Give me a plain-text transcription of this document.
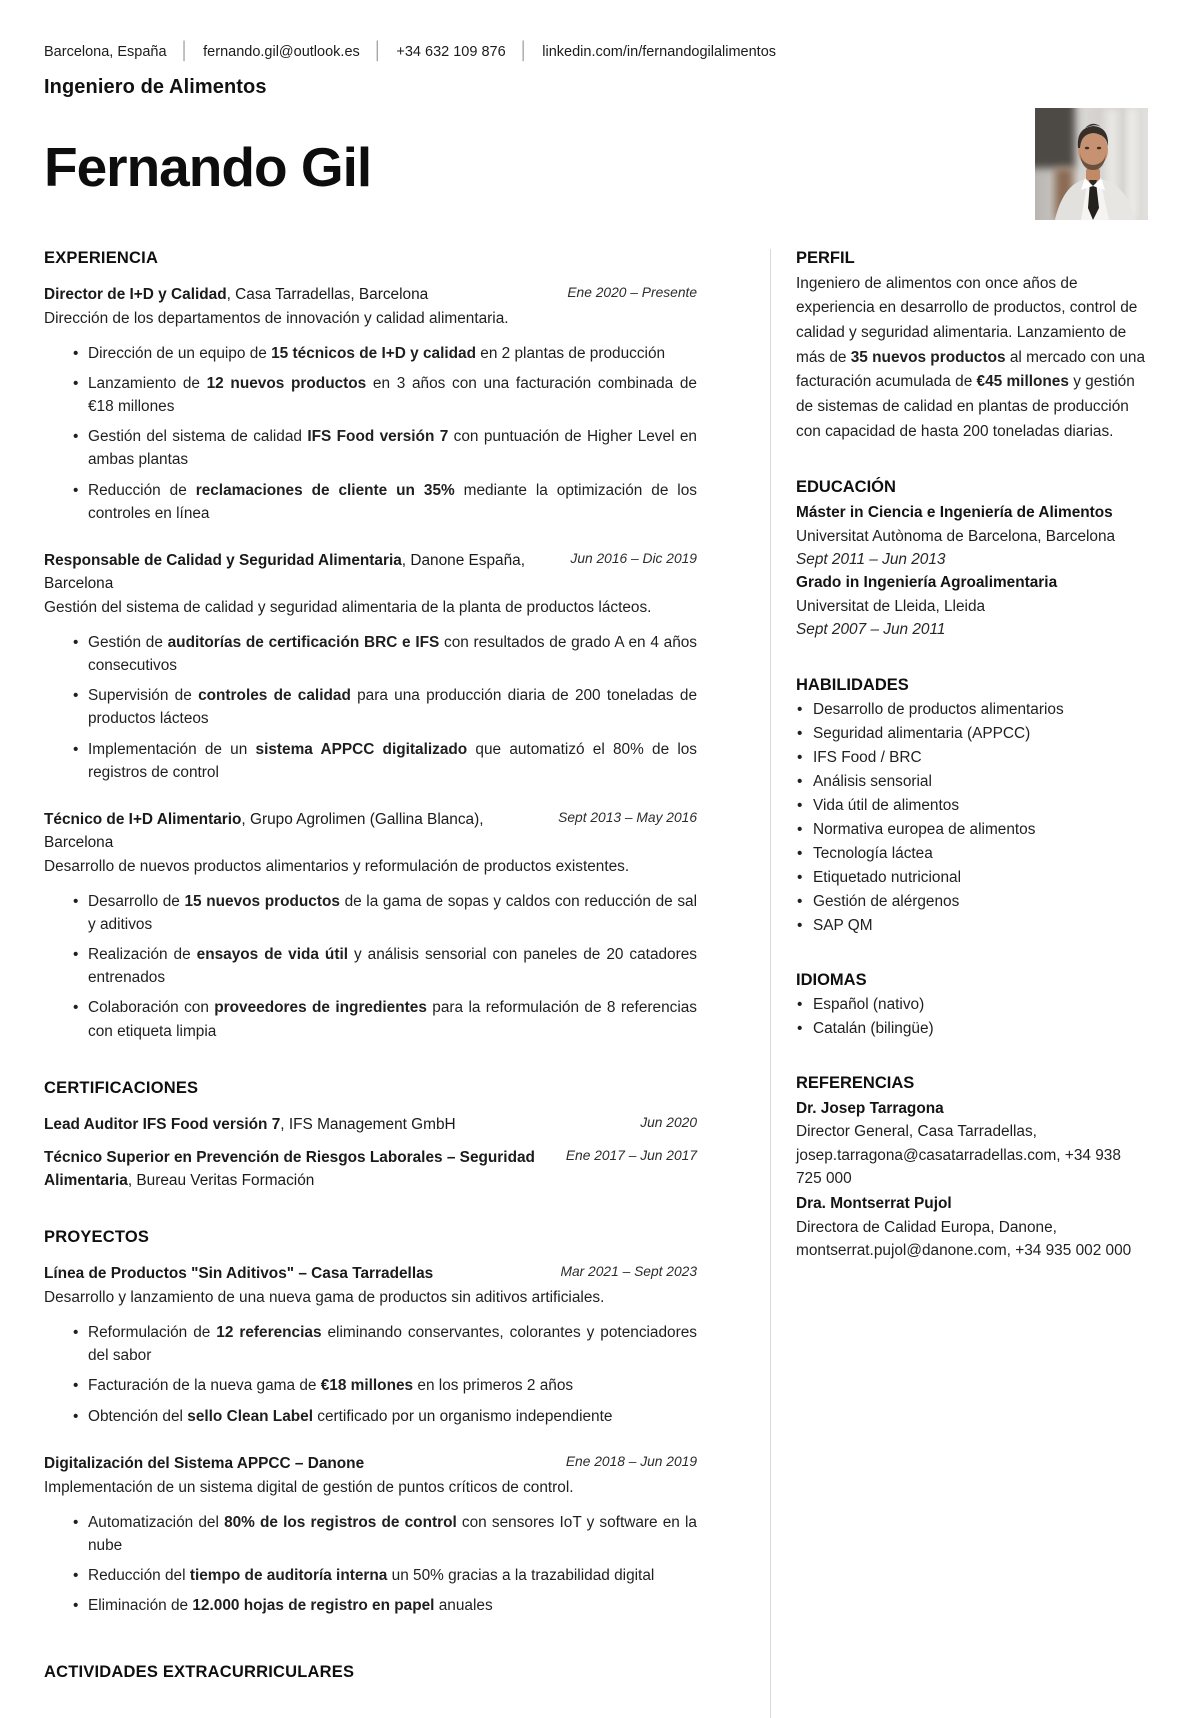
Barcelona, España │ fernando.gil@outlook.es │ +34 632 109 876 │ linkedin.com/in/fernandogilalimentos
Ingeniero de Alimentos
Fernando Gil
EXPERIENCIA
Director de I+D y Calidad, Casa Tarradellas, Barcelona	Ene 2020 – Presente
Dirección de los departamentos de innovación y calidad alimentaria.
• Dirección de un equipo de 15 técnicos de I+D y calidad en 2 plantas de producción
• Lanzamiento de 12 nuevos productos en 3 años con una facturación combinada de €18 millones
• Gestión del sistema de calidad IFS Food versión 7 con puntuación de Higher Level en ambas plantas
• Reducción de reclamaciones de cliente un 35% mediante la optimización de los controles en línea
Responsable de Calidad y Seguridad Alimentaria, Danone España, Barcelona
Jun 2016 – Dic 2019
Gestión del sistema de calidad y seguridad alimentaria de la planta de productos lácteos.
• Gestión de auditorías de certificación BRC e IFS con resultados de grado A en 4 años consecutivos
• Supervisión de controles de calidad para una producción diaria de 200 toneladas de productos lácteos
• Implementación de un sistema APPCC digitalizado que automatizó el 80% de los registros de control
Técnico de I+D Alimentario, Grupo Agrolimen (Gallina Blanca), Barcelona
Sept 2013 – May 2016
Desarrollo de nuevos productos alimentarios y reformulación de productos existentes.
• Desarrollo de 15 nuevos productos de la gama de sopas y caldos con reducción de sal y aditivos
• Realización de ensayos de vida útil y análisis sensorial con paneles de 20 catadores entrenados
• Colaboración con proveedores de ingredientes para la reformulación de 8 referencias con etiqueta limpia
CERTIFICACIONES
Lead Auditor IFS Food versión 7, IFS Management GmbH	Jun 2020
Técnico Superior en Prevención de Riesgos Laborales – Seguridad Alimentaria, Bureau Veritas Formación
Ene 2017 – Jun 2017
PROYECTOS
Línea de Productos "Sin Aditivos" – Casa Tarradellas	Mar 2021 – Sept 2023
Desarrollo y lanzamiento de una nueva gama de productos sin aditivos artificiales.
• Reformulación de 12 referencias eliminando conservantes, colorantes y potenciadores del sabor
• Facturación de la nueva gama de €18 millones en los primeros 2 años
• Obtención del sello Clean Label certificado por un organismo independiente
Digitalización del Sistema APPCC – Danone	Ene 2018 – Jun 2019
Implementación de un sistema digital de gestión de puntos críticos de control.
• Automatización del 80% de los registros de control con sensores IoT y software en la nube
• Reducción del tiempo de auditoría interna un 50% gracias a la trazabilidad digital
• Eliminación de 12.000 hojas de registro en papel anuales
ACTIVIDADES EXTRACURRICULARES
PERFIL
Ingeniero de alimentos con once años de experiencia en desarrollo de productos, control de calidad y seguridad alimentaria. Lanzamiento de más de 35 nuevos productos al mercado con una facturación acumulada de €45 millones y gestión de sistemas de calidad en plantas de producción con capacidad de hasta 200 toneladas diarias.
EDUCACIÓN
Máster in Ciencia e Ingeniería de Alimentos
Universitat Autònoma de Barcelona, Barcelona
Sept 2011 – Jun 2013
Grado in Ingeniería Agroalimentaria
Universitat de Lleida, Lleida
Sept 2007 – Jun 2011
HABILIDADES
• Desarrollo de productos alimentarios
• Seguridad alimentaria (APPCC)
• IFS Food / BRC
• Análisis sensorial
• Vida útil de alimentos
• Normativa europea de alimentos
• Tecnología láctea
• Etiquetado nutricional
• Gestión de alérgenos
• SAP QM
IDIOMAS
• Español (nativo)
• Catalán (bilingüe)
REFERENCIAS
Dr. Josep Tarragona
Director General, Casa Tarradellas, josep.tarragona@casatarradellas.com, +34 938 725 000
Dra. Montserrat Pujol
Directora de Calidad Europa, Danone, montserrat.pujol@danone.com, +34 935 002 000
